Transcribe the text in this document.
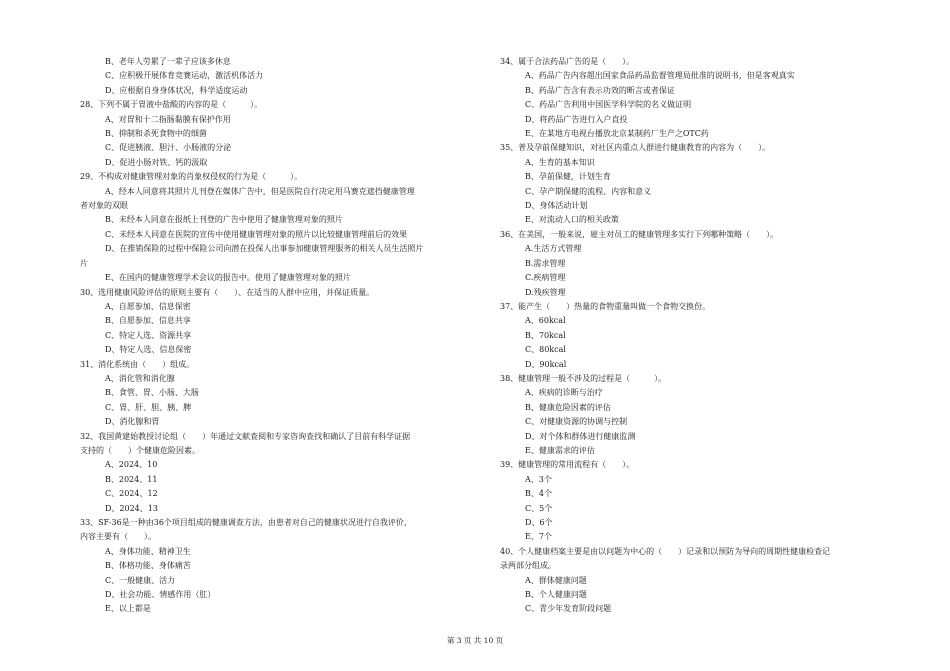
B、老年人劳累了一辈子应该多休息
C、应积极开展体育竞赛运动，激活机体活力
D、应根据自身身体状况，科学适度运动
28、下列不属于胃液中盐酸的内容的是（　　　）。
A、对胃和十二指肠黏膜有保护作用
B、抑制和杀死食物中的细菌
C、促进胰液、胆汁、小肠液的分泌
D、促进小肠对铁、钙的汲取
29、不构成对健康管理对象的肖象权侵权的行为是（　　　）。
A、经本人同意将其照片儿刊登在媒体广告中，但是医院自行决定用马赛克遮挡健康管理
者对象的双眼
B、未经本人同意在报纸上刊登的广告中使用了健康管理对象的照片
C、未经本人同意在医院的宣传中使用健康管理对象的照片以比较健康管理前后的效果
D、在推销保险的过程中保险公司向潜在投保人出事参加健康管理服务的相关人员生活照片
片
E、在国内的健康管理学术会议的报告中。使用了健康管理对象的照片
30、选用健康风险评估的原则主要有（　　）、在适当的人群中应用，并保证质量。
A、自愿参加、信息保密
B、自愿参加、信息共享
C、特定人选、资源共享
D、特定人选、信息保密
31、消化系统由（　　）组成。
A、消化管和消化腺
B、食管、胃、小肠、大肠
C、胃、肝、胆、胰、脾
D、消化腺和胃
32、我国黄建始教授讨论组（　　）年通过文献查阅和专家咨询查找和确认了目前有科学证据
支持的（　　）个健康危险因素。
A、2024、10
B、2024、11
C、2024、12
D、2024、13
33、SF-36是一种由36个项目组成的健康调查方法，由患者对自己的健康状况进行自我评价，
内容主要有（　　）。
A、身体功能、精神卫生
B、体格功能、身体痛苦
C、一般健康、活力
D、社会功能、情感作用（肛）
E、以上都是
34、属于合法药品广告的是（　　）。
A、药品广告内容超出国家食品药品监督管理局批准的说明书，但是客观真实
B、药品广告含有表示功效的断言或者保证
C、药品广告利用中国医学科学院的名义做证明
D、将药品广告进行入户直投
E、在某地方电视台播放北京某制药厂生产之OTC药
35、普及孕前保健知识，对社区内重点人群进行健康教育的内容为（　　）。
A、生育的基本知识
B、孕前保健，计划生育
C、孕产期保健的流程、内容和意义
D、身体活动计划
E、对流动人口的相关政策
36、在美国，一般来说，雇主对员工的健康管理多实行下列哪种策略（　　）。
A.生活方式管理
B.需求管理
C.疾病管理
D.残疾管理
37、能产生（　　）热量的食物重量叫做一个食物交换份。
A、60kcal
B、70kcal
C、80kcal
D、90kcal
38、健康管理一般不涉及的过程是（　　　）。
A、疾病的诊断与治疗
B、健康危险因素的评估
C、对健康资源的协调与控制
D、对个体和群体进行健康监测
E、健康需求的评估
39、健康管理的常用流程有（　　）。
A、3个
B、4个
C、5个
D、6个
E、7个
40、个人健康档案主要是由以问题为中心的（　　）记录和以预防为导向的周期性健康检查记
录两部分组成。
A、群体健康问题
B、个人健康问题
C、青少年发育阶段问题
第 3 页 共 10 页
